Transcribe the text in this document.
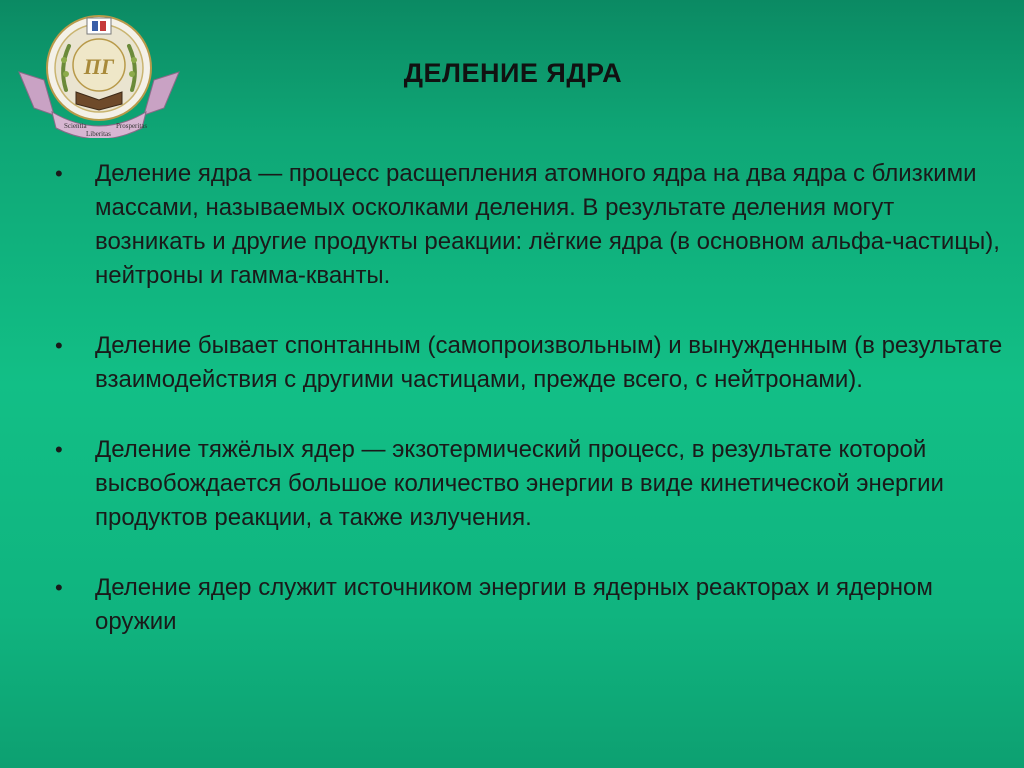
Scientia
Liberitas
Prosperitas
ПГ	ДЕЛЕНИЕ ЯДРА
• Деление ядра — процесс расщепления атомного ядра на два ядра с близкими массами, называемых осколками деления. В результате деления могут возникать и другие продукты реакции: лёгкие ядра (в основном альфа-частицы), нейтроны и гамма-кванты.
• Деление бывает спонтанным (самопроизвольным) и вынужденным (в результате взаимодействия с другими частицами, прежде всего, с нейтронами).
• Деление тяжёлых ядер — экзотермический процесс, в результате которой высвобождается большое количество энергии в виде кинетической энергии продуктов реакции, а также излучения.
• Деление ядер служит источником энергии в ядерных реакторах и ядерном оружии
